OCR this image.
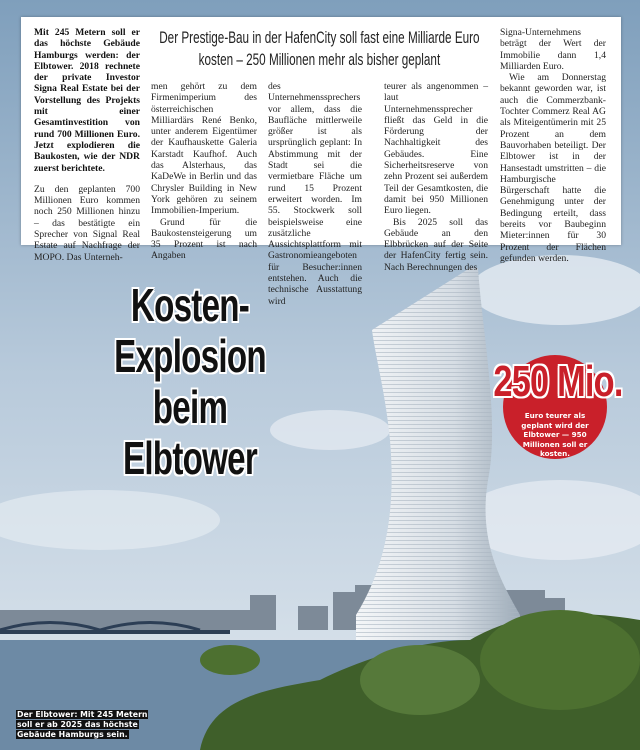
Der Prestige-Bau in der HafenCity soll fast eine Milliarde Euro kosten – 250 Millionen mehr als bisher geplant

Mit 245 Metern soll er das höchste Gebäude Hamburgs werden: der Elbtower. 2018 rechnete der private Investor Signa Real Estate bei der Vorstellung des Projekts mit einer Gesamtinvestition von rund 700 Millionen Euro. Jetzt explodieren die Baukosten, wie der NDR zuerst berichtete.

Zu den geplanten 700 Millionen Euro kommen noch 250 Millionen hinzu – das bestätigte ein Sprecher von Signal Real Estate auf Nachfrage der MOPO. Das Unterneh-

men gehört zu dem Firmenimperium des österreichischen Milliardärs René Benko, unter anderem Eigentümer der Kaufhauskette Galeria Karstadt Kaufhof. Auch das Alsterhaus, das KaDeWe in Berlin und das Chrysler Building in New York gehören zu seinem Immobilien-Imperium.

Grund für die Baukostensteigerung um 35 Prozent ist nach Angaben

des Unternehmenssprechers vor allem, dass die Baufläche mittlerweile größer ist als ursprünglich geplant: In Abstimmung mit der Stadt sei die vermietbare Fläche um rund 15 Prozent erweitert worden. Im 55. Stockwerk soll beispielsweise eine zusätzliche Aussichtsplattform mit Gastronomieangeboten für Besucher:innen entstehen. Auch die technische Ausstattung wird

teurer als angenommen – laut Unternehmenssprecher fließt das Geld in die Förderung der Nachhaltigkeit des Gebäudes. Eine Sicherheitsreserve von zehn Prozent sei außerdem Teil der Gesamtkosten, die damit bei 950 Millionen Euro liegen.

Bis 2025 soll das Gebäude an den Elbbrücken auf der Seite der HafenCity fertig sein. Nach Berechnungen des

Signa-Unternehmens beträgt der Wert der Immobilie dann 1,4 Milliarden Euro.

Wie am Donnerstag bekannt geworden war, ist auch die Commerzbank-Tochter Commerz Real AG als Miteigentümerin mit 25 Prozent an dem Bauvorhaben beteiligt. Der Elbtower ist in der Hansestadt umstritten – die Hamburgische Bürgerschaft hatte die Genehmigung unter der Bedingung erteilt, dass bereits vor Baubeginn Mieter:innen für 30 Prozent der Flächen gefunden werden.

Kosten-
Explosion
beim
Elbtower
250 Mio.
Euro teurer als geplant wird der Elbtower — 950 Millionen soll er kosten.
Der Elbtower: Mit 245 Metern
soll er ab 2025 das höchste
Gebäude Hamburgs sein.
